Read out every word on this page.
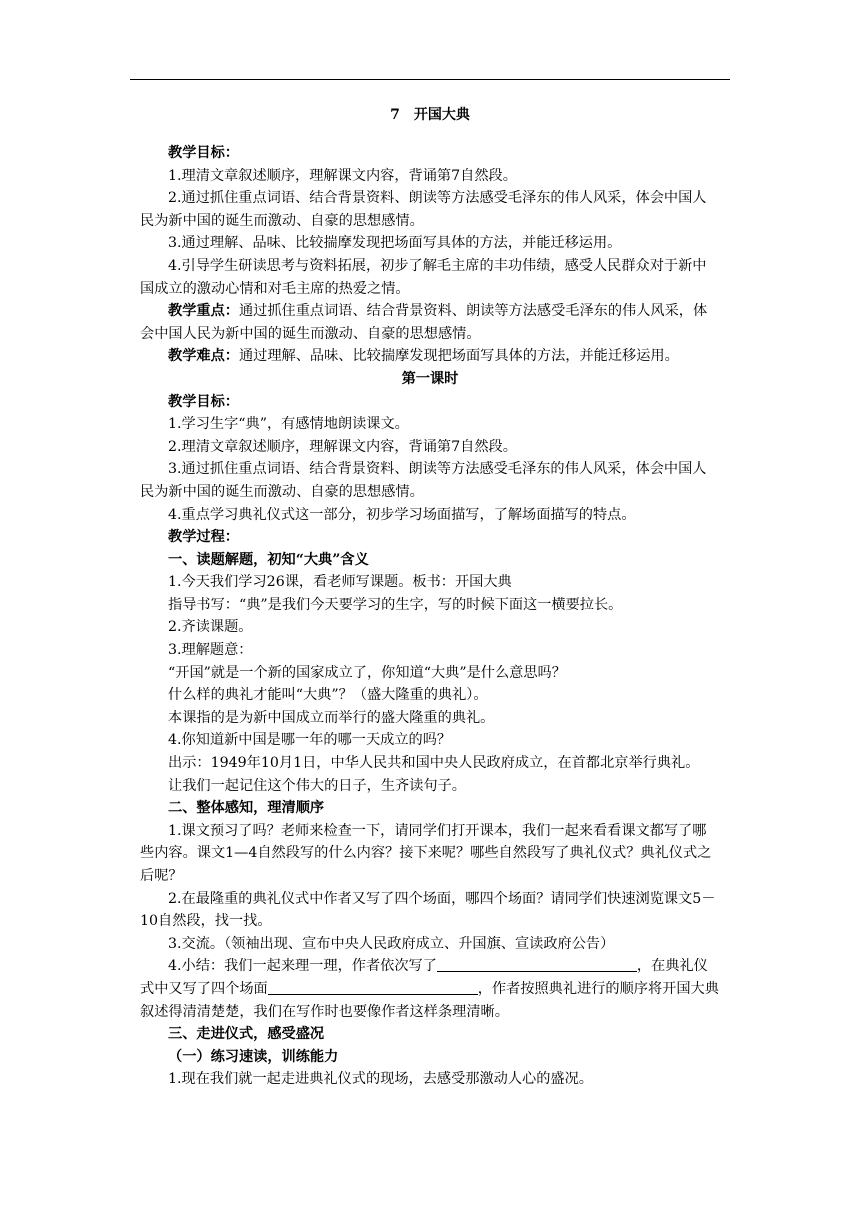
7 开国大典

教学目标：

1.理清文章叙述顺序，理解课文内容，背诵第7自然段。

2.通过抓住重点词语、结合背景资料、朗读等方法感受毛泽东的伟人风采，体会中国人民为新中国的诞生而激动、自豪的思想感情。

3.通过理解、品味、比较揣摩发现把场面写具体的方法，并能迁移运用。

4.引导学生研读思考与资料拓展，初步了解毛主席的丰功伟绩，感受人民群众对于新中国成立的激动心情和对毛主席的热爱之情。

教学重点：通过抓住重点词语、结合背景资料、朗读等方法感受毛泽东的伟人风采，体会中国人民为新中国的诞生而激动、自豪的思想感情。

教学难点：通过理解、品味、比较揣摩发现把场面写具体的方法，并能迁移运用。

第一课时

教学目标：

1.学习生字“典”，有感情地朗读课文。

2.理清文章叙述顺序，理解课文内容，背诵第7自然段。

3.通过抓住重点词语、结合背景资料、朗读等方法感受毛泽东的伟人风采，体会中国人民为新中国的诞生而激动、自豪的思想感情。

4.重点学习典礼仪式这一部分，初步学习场面描写，了解场面描写的特点。

教学过程：

一、读题解题，初知“大典”含义

1.今天我们学习26课，看老师写课题。板书：开国大典

指导书写：“典”是我们今天要学习的生字，写的时候下面这一横要拉长。

2.齐读课题。

3.理解题意：

“开国”就是一个新的国家成立了，你知道“大典”是什么意思吗？

什么样的典礼才能叫“大典”？（盛大隆重的典礼）。

本课指的是为新中国成立而举行的盛大隆重的典礼。

4.你知道新中国是哪一年的哪一天成立的吗？

出示：1949年10月1日，中华人民共和国中央人民政府成立，在首都北京举行典礼。

让我们一起记住这个伟大的日子，生齐读句子。

二、整体感知，理清顺序

1.课文预习了吗？老师来检查一下，请同学们打开课本，我们一起来看看课文都写了哪些内容。课文1—4自然段写的什么内容？接下来呢？哪些自然段写了典礼仪式？典礼仪式之后呢？

2.在最隆重的典礼仪式中作者又写了四个场面，哪四个场面？请同学们快速浏览课文5－10自然段，找一找。

3.交流。（领袖出现、宣布中央人民政府成立、升国旗、宣读政府公告）

4.小结：我们一起来理一理，作者依次写了	，在典礼仪式中又写了四个场面	，作者按照典礼进行的顺序将开国大典叙述得清清楚楚，我们在写作时也要像作者这样条理清晰。

三、走进仪式，感受盛况

（一）练习速读，训练能力

1.现在我们就一起走进典礼仪式的现场，去感受那激动人心的盛况。
